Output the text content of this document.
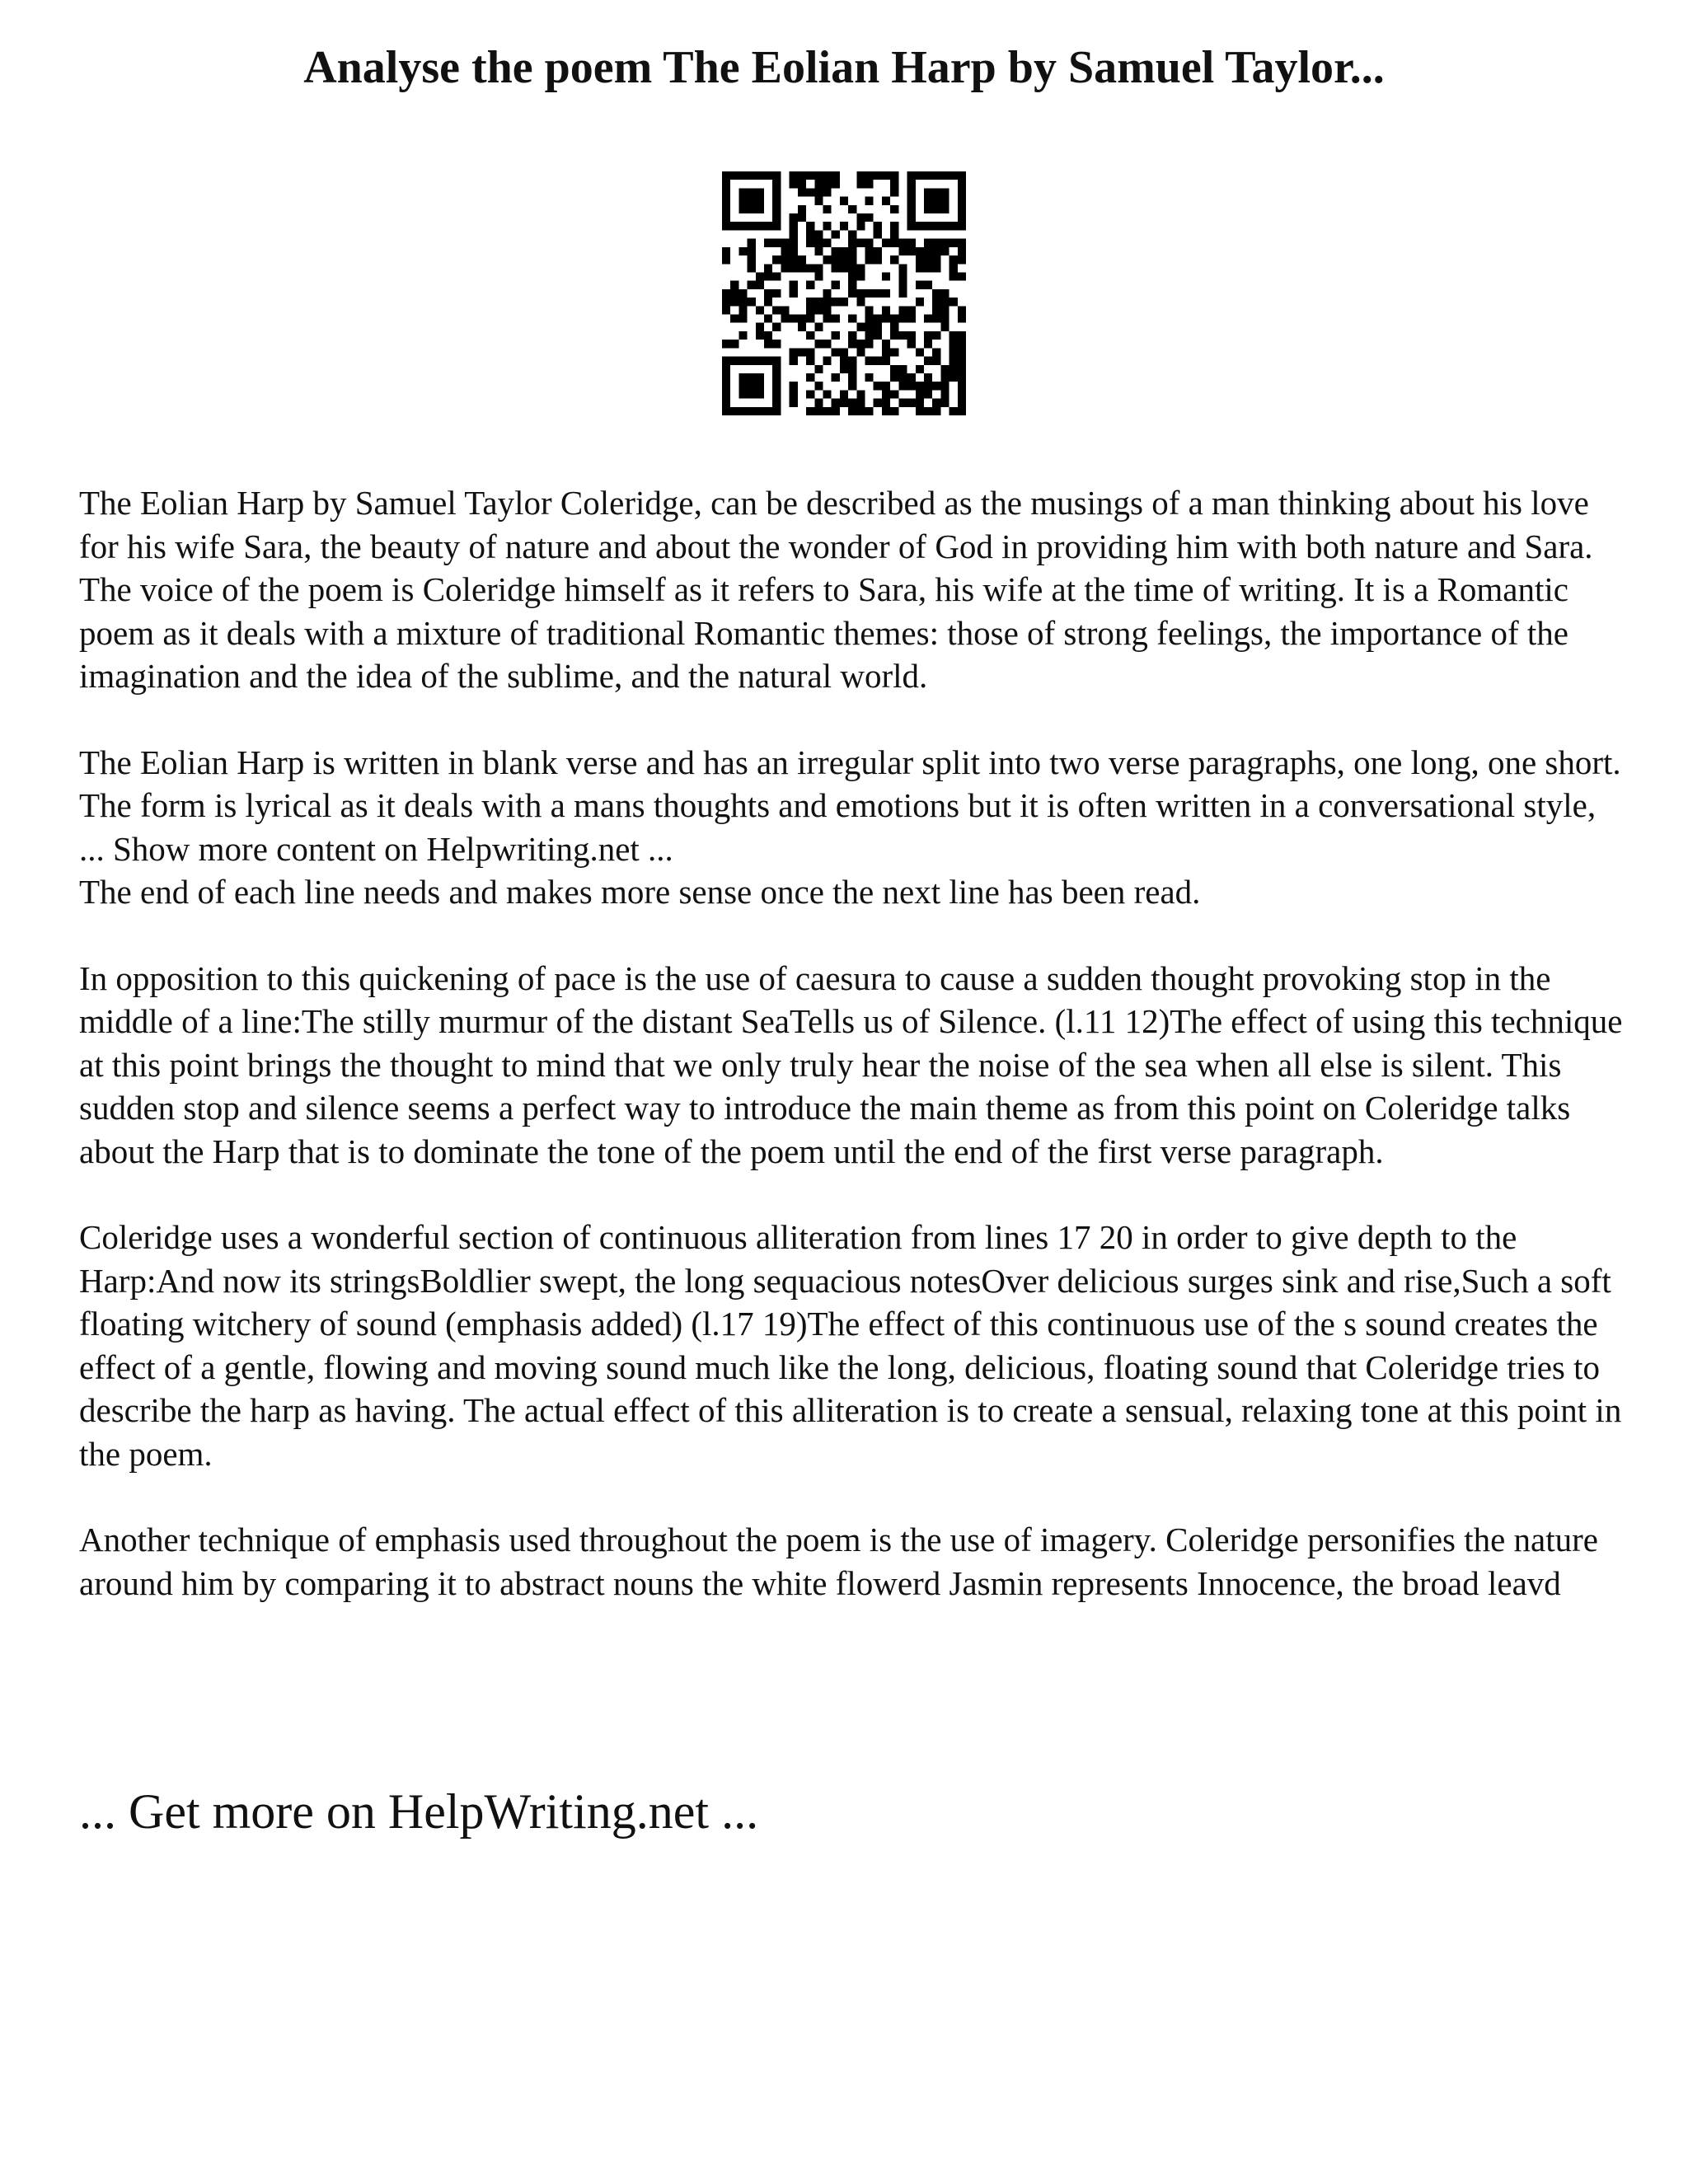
Analyse the poem The Eolian Harp by Samuel Taylor...

The Eolian Harp by Samuel Taylor Coleridge, can be described as the musings of a man thinking about his love for his wife Sara, the beauty of nature and about the wonder of God in providing him with both nature and Sara. The voice of the poem is Coleridge himself as it refers to Sara, his wife at the time of writing. It is a Romantic poem as it deals with a mixture of traditional Romantic themes: those of strong feelings, the importance of the imagination and the idea of the sublime, and the natural world.

The Eolian Harp is written in blank verse and has an irregular split into two verse paragraphs, one long, one short. The form is lyrical as it deals with a mans thoughts and emotions but it is often written in a conversational style, ... Show more content on Helpwriting.net ...

The end of each line needs and makes more sense once the next line has been read.

In opposition to this quickening of pace is the use of caesura to cause a sudden thought provoking stop in the middle of a line:The stilly murmur of the distant SeaTells us of Silence. (l.11 12)The effect of using this technique at this point brings the thought to mind that we only truly hear the noise of the sea when all else is silent. This sudden stop and silence seems a perfect way to introduce the main theme as from this point on Coleridge talks about the Harp that is to dominate the tone of the poem until the end of the first verse paragraph.

Coleridge uses a wonderful section of continuous alliteration from lines 17 20 in order to give depth to the Harp:And now its stringsBoldlier swept, the long sequacious notesOver delicious surges sink and rise,Such a soft floating witchery of sound (emphasis added) (l.17 19)The effect of this continuous use of the s sound creates the effect of a gentle, flowing and moving sound much like the long, delicious, floating sound that Coleridge tries to describe the harp as having. The actual effect of this alliteration is to create a sensual, relaxing tone at this point in the poem.

Another technique of emphasis used throughout the poem is the use of imagery. Coleridge personifies the nature around him by comparing it to abstract nouns the white flowerd Jasmin represents Innocence, the broad leavd

... Get more on HelpWriting.net ...
